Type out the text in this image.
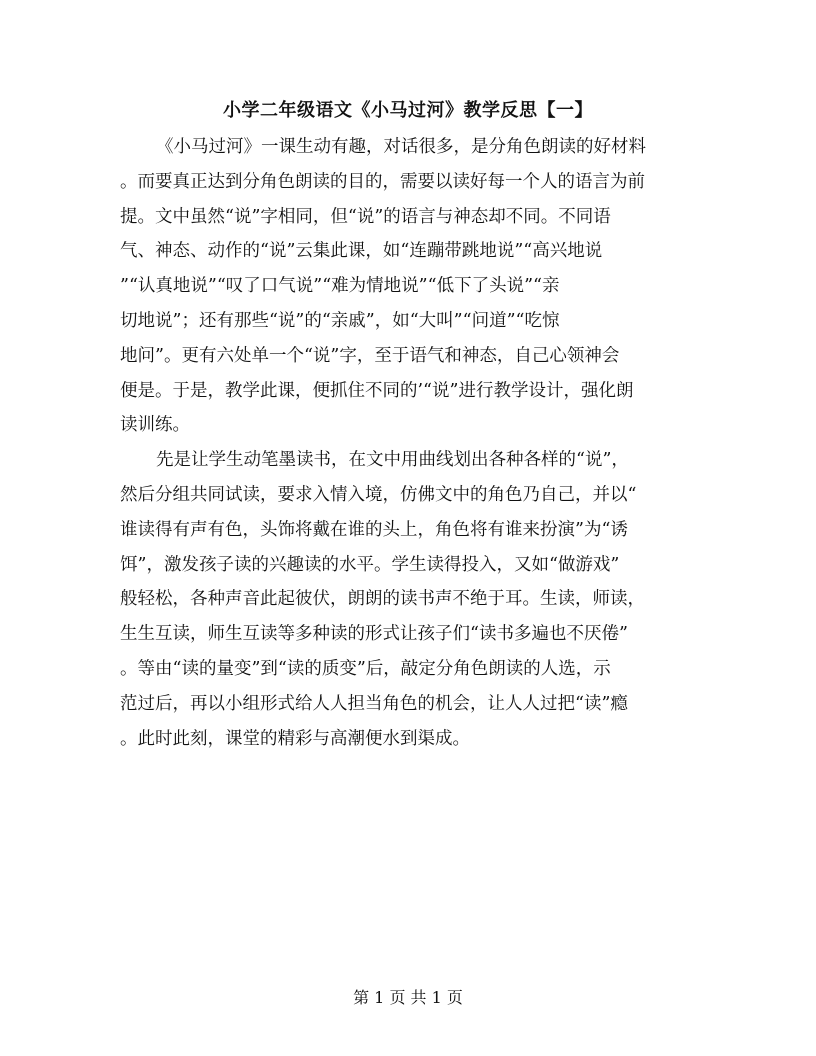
小学二年级语文《小马过河》教学反思【一】

《小马过河》一课生动有趣，对话很多，是分角色朗读的好材料

。而要真正达到分角色朗读的目的，需要以读好每一个人的语言为前

提。文中虽然“说”字相同，但“说”的语言与神态却不同。不同语

气、神态、动作的“说”云集此课，如“连蹦带跳地说”“高兴地说

”“认真地说”“叹了口气说”“难为情地说”“低下了头说”“亲

切地说”；还有那些“说”的“亲戚”，如“大叫”“问道”“吃惊

地问”。更有六处单一个“说”字，至于语气和神态，自己心领神会

便是。于是，教学此课，便抓住不同的’“说”进行教学设计，强化朗

读训练。

先是让学生动笔墨读书，在文中用曲线划出各种各样的“说”，

然后分组共同试读，要求入情入境，仿佛文中的角色乃自己，并以“

谁读得有声有色，头饰将戴在谁的头上，角色将有谁来扮演”为“诱

饵”，激发孩子读的兴趣读的水平。学生读得投入，又如“做游戏”

般轻松，各种声音此起彼伏，朗朗的读书声不绝于耳。生读，师读，

生生互读，师生互读等多种读的形式让孩子们“读书多遍也不厌倦”

。等由“读的量变”到“读的质变”后，敲定分角色朗读的人选，示

范过后，再以小组形式给人人担当角色的机会，让人人过把“读”瘾

。此时此刻，课堂的精彩与高潮便水到渠成。

第 1 页 共 1 页
